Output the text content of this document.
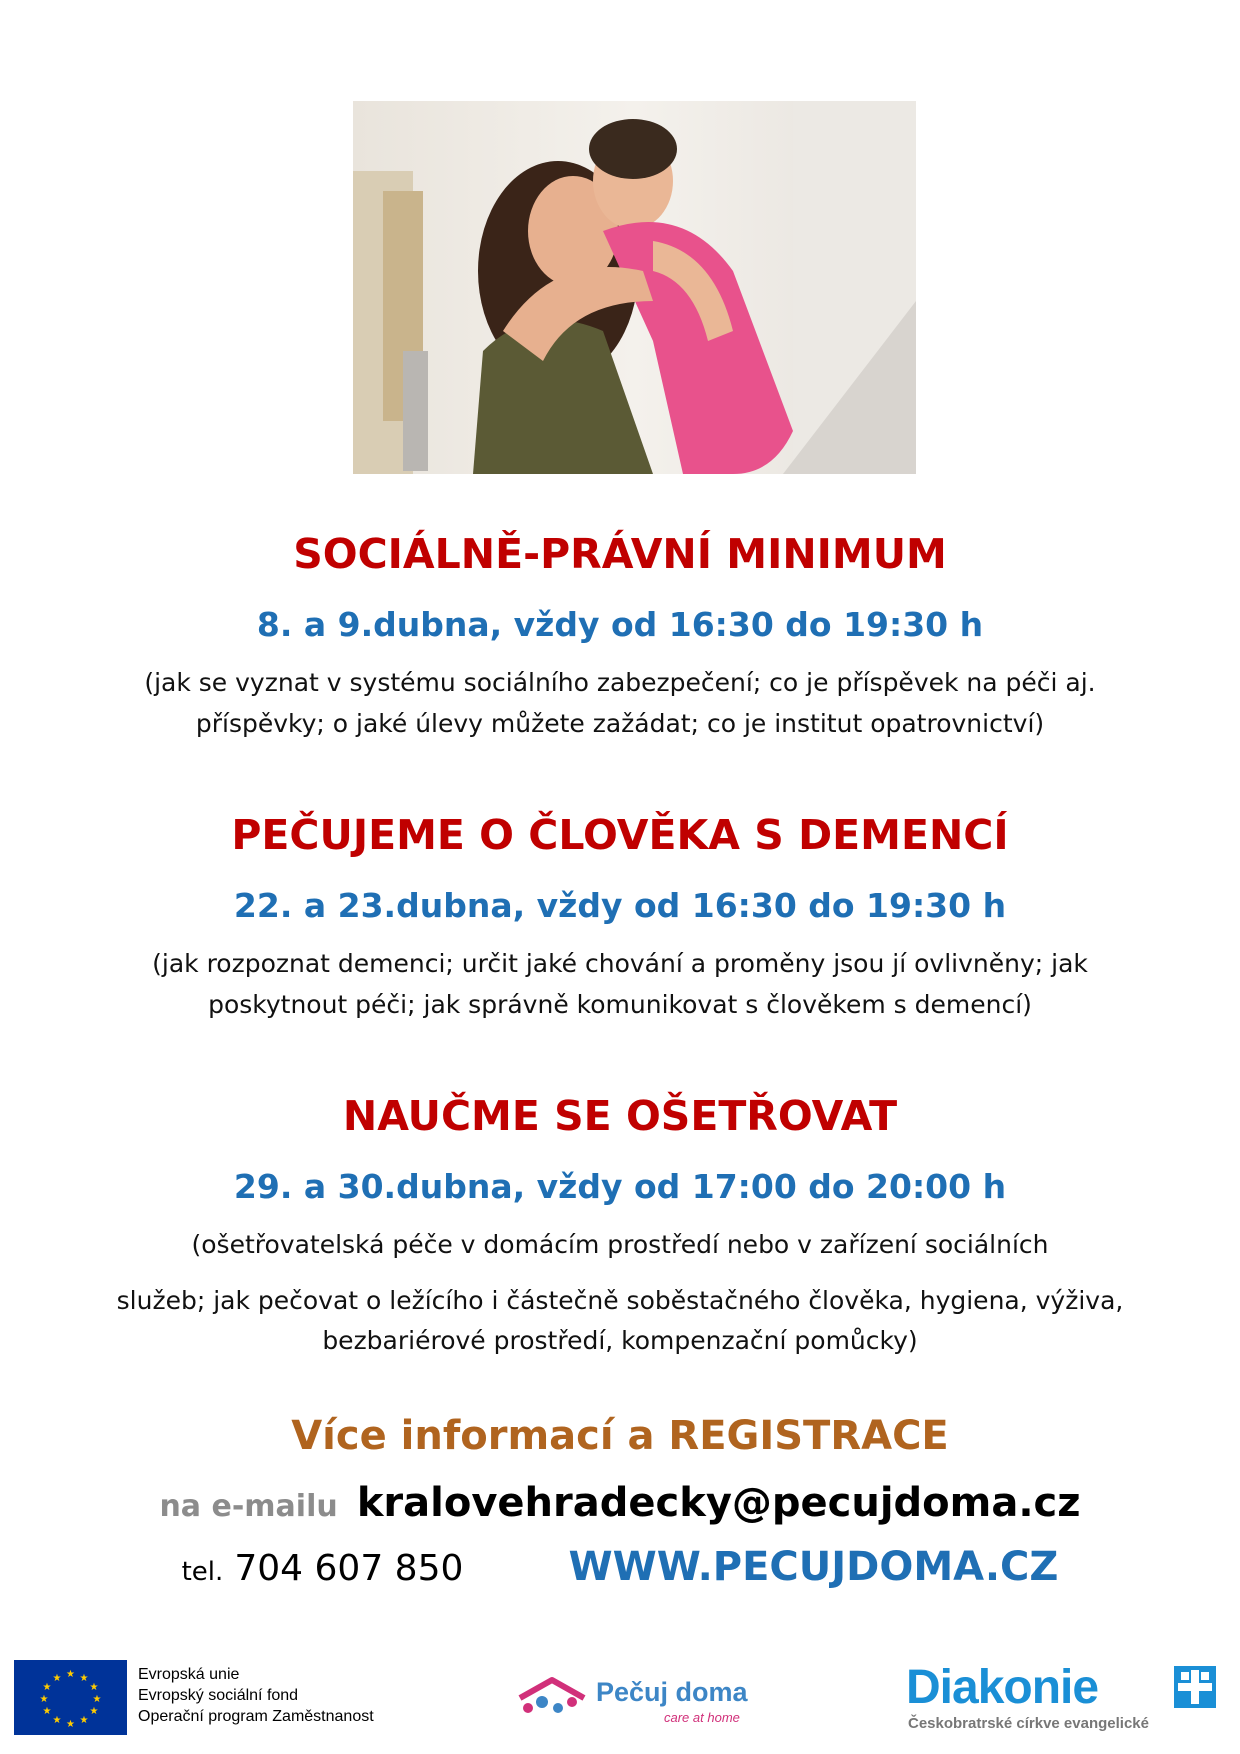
SOCIÁLNĚ-PRÁVNÍ MINIMUM
8. a 9.dubna, vždy od 16:30 do 19:30 h
(jak se vyznat v systému sociálního zabezpečení; co je příspěvek na péči aj.
příspěvky; o jaké úlevy můžete zažádat; co je institut opatrovnictví)
PEČUJEME O ČLOVĚKA S DEMENCÍ
22. a 23.dubna, vždy od 16:30 do 19:30 h
(jak rozpoznat demenci; určit jaké chování a proměny jsou jí ovlivněny; jak
poskytnout péči; jak správně komunikovat s člověkem s demencí)
NAUČME SE OŠETŘOVAT
29. a 30.dubna, vždy od 17:00 do 20:00 h
(ošetřovatelská péče v domácím prostředí nebo v zařízení sociálních
služeb; jak pečovat o ležícího i částečně soběstačného člověka, hygiena, výživa,
bezbariérové prostředí, kompenzační pomůcky)
Více informací a REGISTRACE
na e-mailu kralovehradecky@pecujdoma.cz
tel. 704 607 850	WWW.PECUJDOMA.CZ
★ ★
★
★
★
★
★
★
★
★
★
★	Evropská unie
Evropský sociální fond
Operační program Zaměstnanost
Pečuj doma
care at home
Diakonie
Českobratrské církve evangelické
